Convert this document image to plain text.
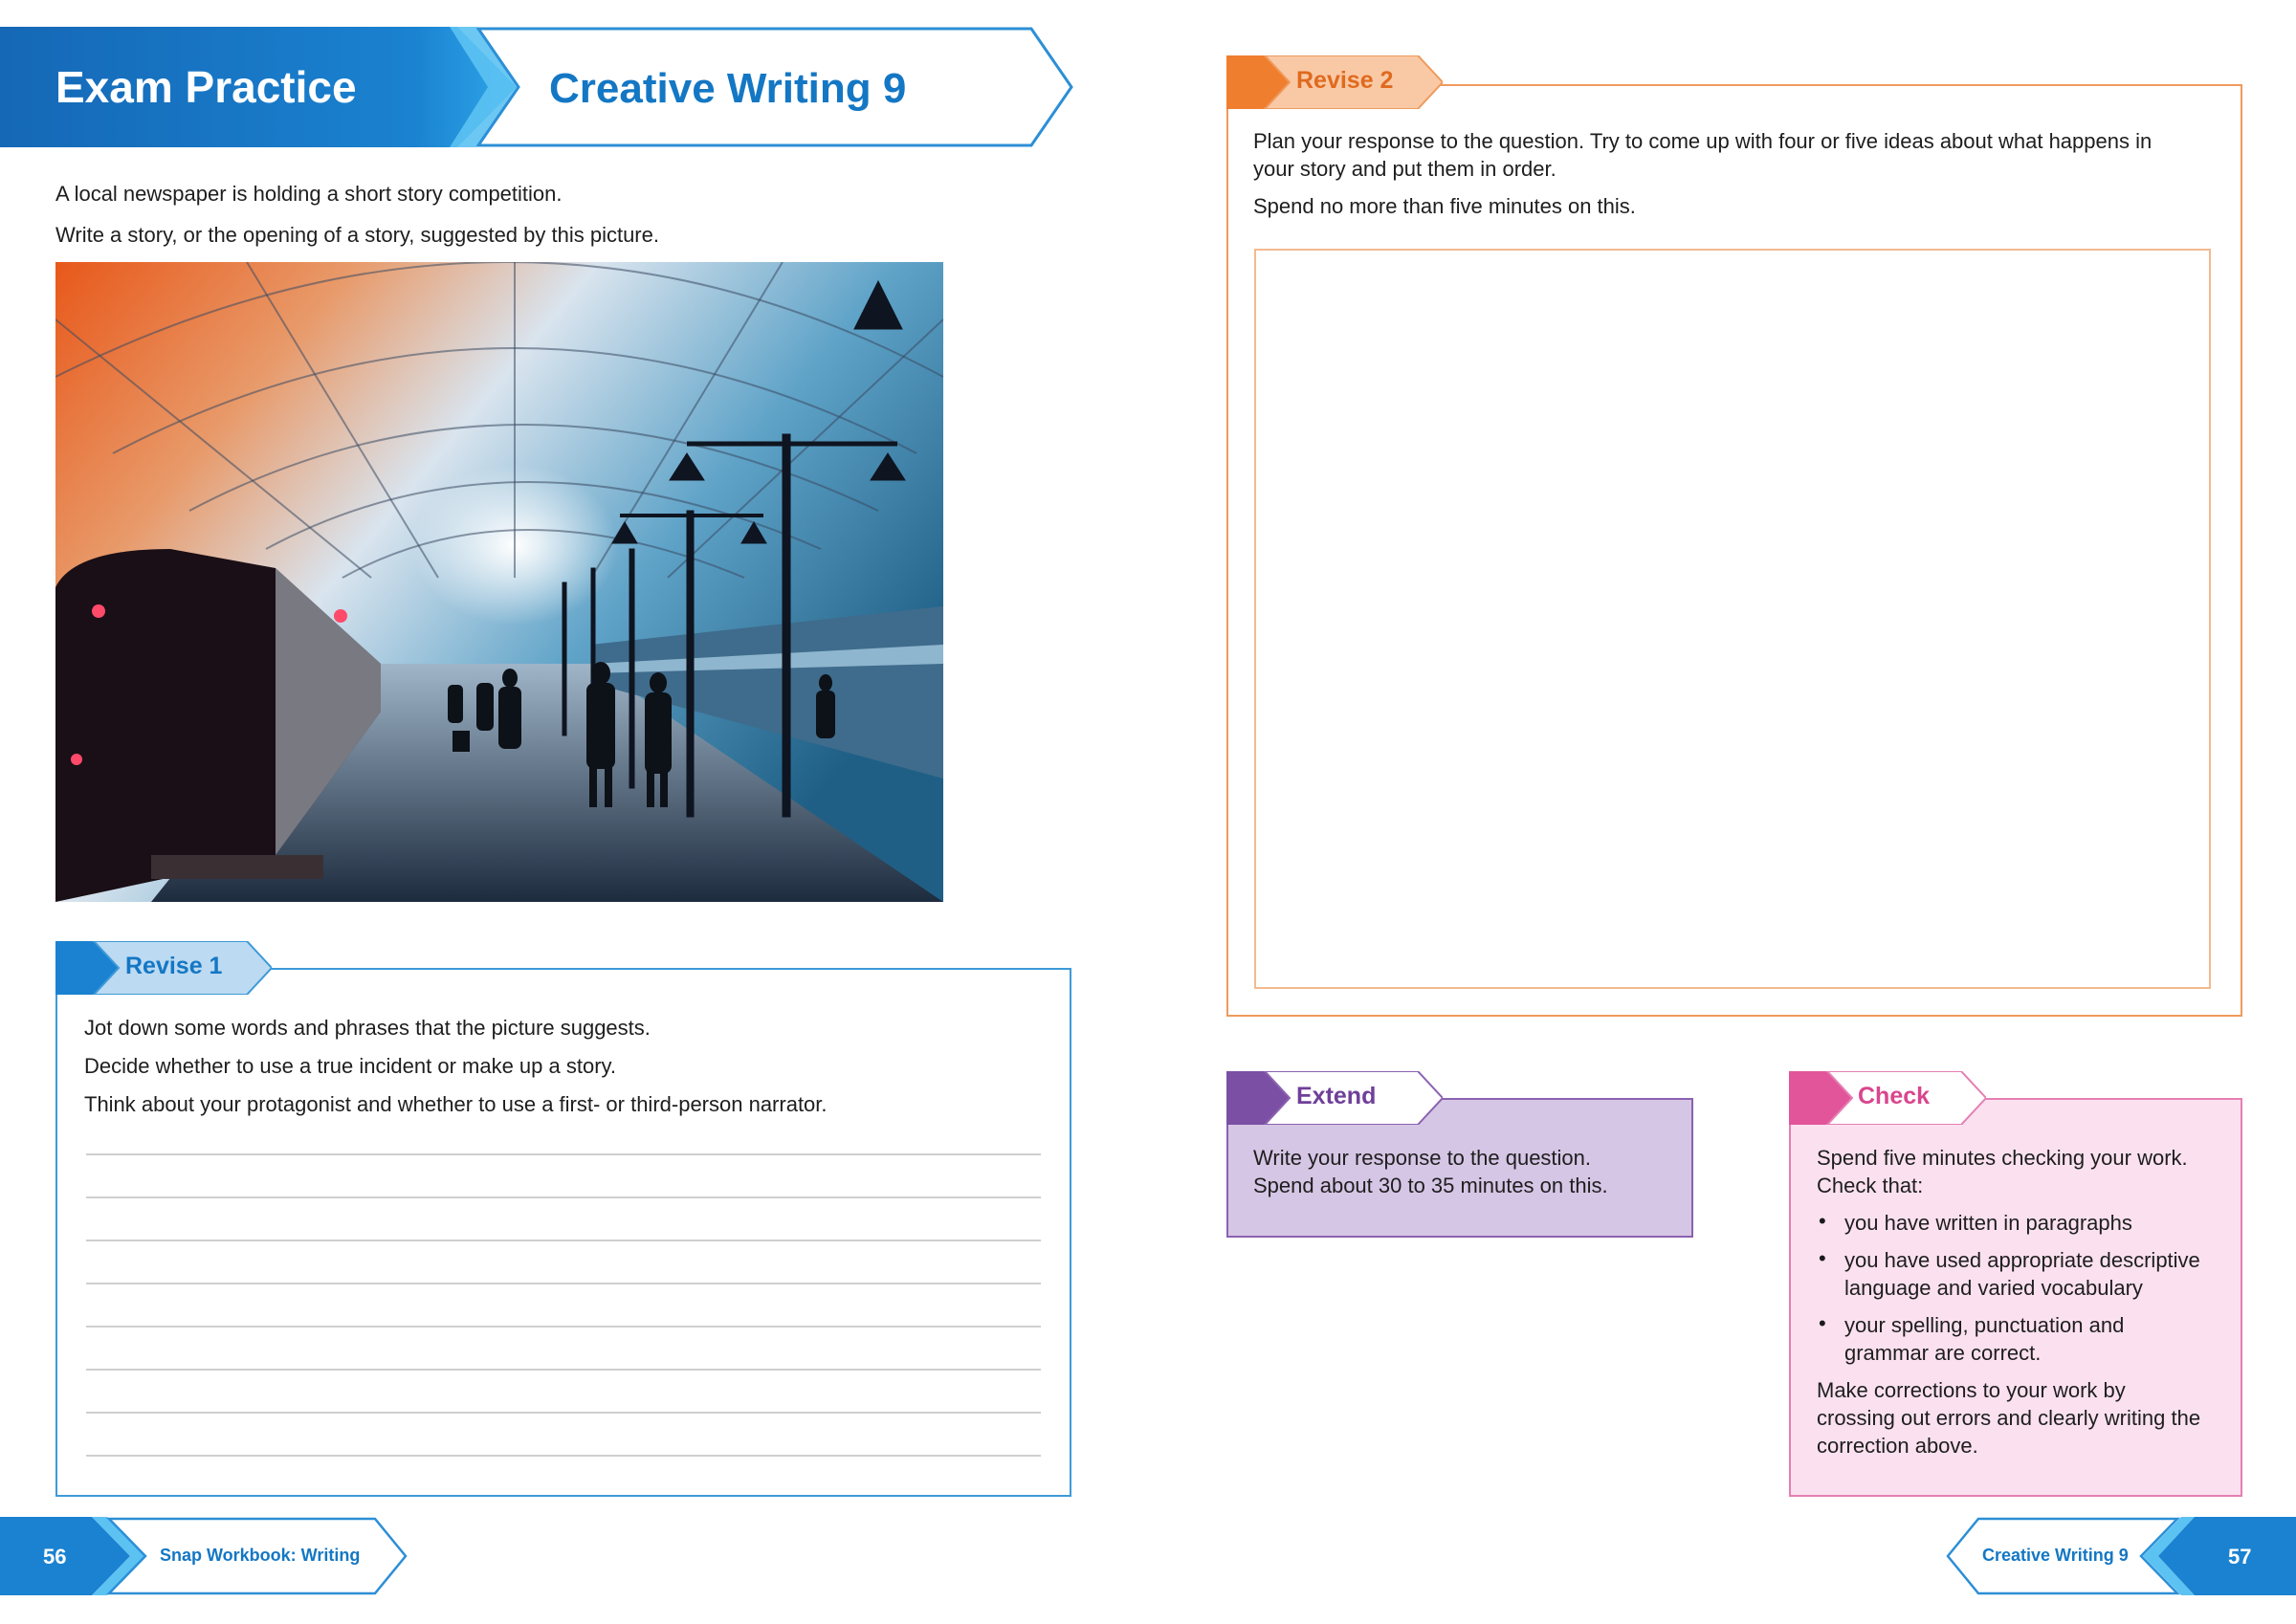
Exam Practice	Creative Writing 9
A local newspaper is holding a short story competition.
Write a story, or the opening of a story, suggested by this picture.
Revise 1
Jot down some words and phrases that the picture suggests.
Decide whether to use a true incident or make up a story.
Think about your protagonist and whether to use a first- or third-person narrator.
Revise 2
Plan your response to the question. Try to come up with four or five ideas about what happens in
your story and put them in order.
Spend no more than five minutes on this.
Extend
Write your response to the question.
Spend about 30 to 35 minutes on this.
Check
Spend five minutes checking your work.
Check that:
• you have written in paragraphs
• you have used appropriate descriptive
language and varied vocabulary
• your spelling, punctuation and
grammar are correct.
Make corrections to your work by
crossing out errors and clearly writing the
correction above.
56	Snap Workbook: Writing	Creative Writing 9	57
